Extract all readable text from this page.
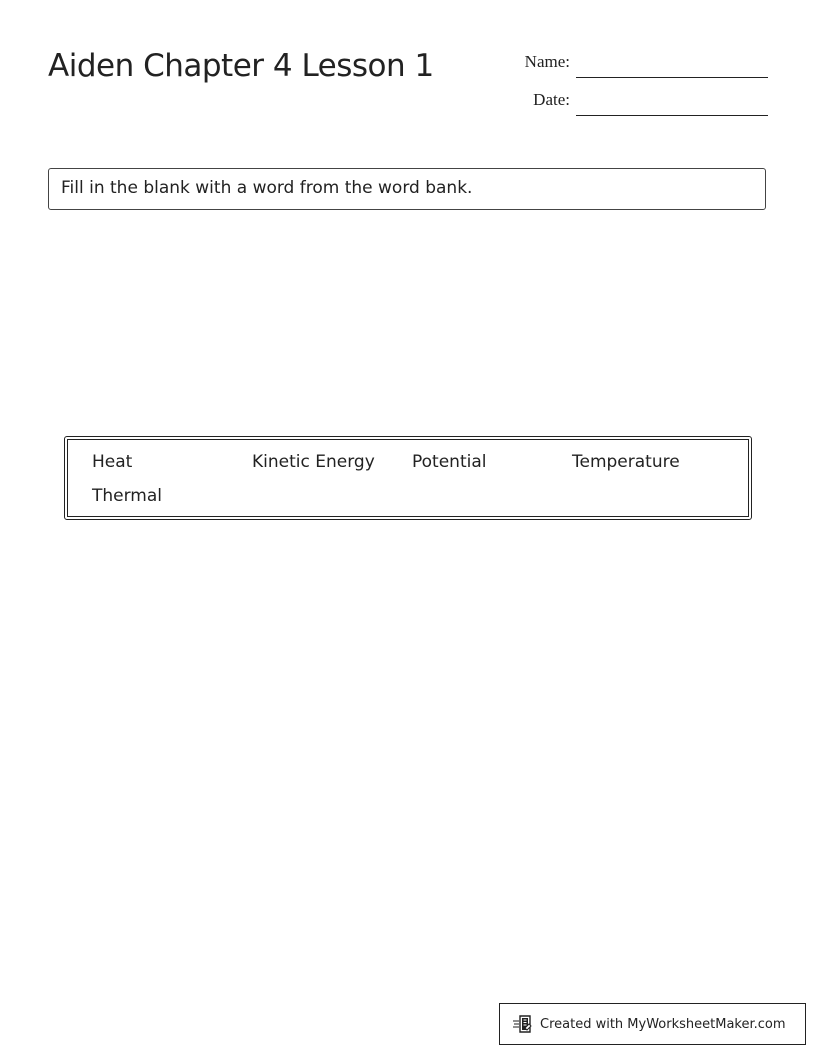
Aiden Chapter 4 Lesson 1	Name:
Date:
Fill in the blank with a word from the word bank.
Heat	Kinetic Energy	Potential	Temperature
Thermal
Created with MyWorksheetMaker.com
